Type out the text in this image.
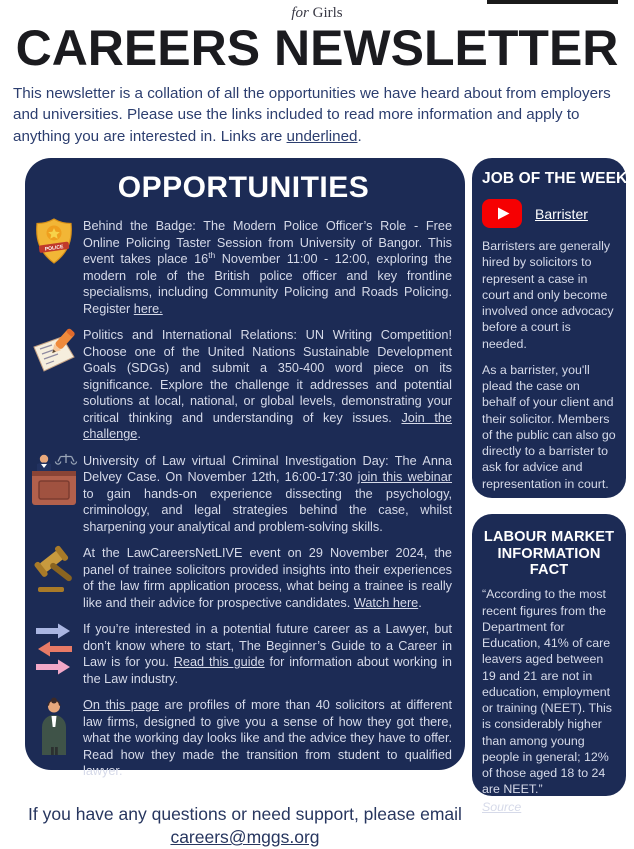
for Girls
CAREERS NEWSLETTER

This newsletter is a collation of all the opportunities we have heard about from employers and universities. Please use the links included to read more information and apply to anything you are interested in. Links are underlined.

OPPORTUNITIES
POLICE

Behind the Badge: The Modern Police Officer’s Role - Free Online Policing Taster Session from University of Bangor. This event takes place 16th November 11:00 - 12:00, exploring the modern role of the British police officer and key frontline specialisms, including Community Policing and Roads Policing. Register here.

Politics and International Relations: UN Writing Competition! Choose one of the United Nations Sustainable Development Goals (SDGs) and submit a 350-400 word piece on its significance. Explore the challenge it addresses and potential solutions at local, national, or global levels, demonstrating your critical thinking and understanding of key issues. Join the challenge.

University of Law virtual Criminal Investigation Day: The Anna Delvey Case. On November 12th, 16:00-17:30 join this webinar to gain hands-on experience dissecting the psychology, criminology, and legal strategies behind the case, whilst sharpening your analytical and problem-solving skills.

At the LawCareersNetLIVE event on 29 November 2024, the panel of trainee solicitors provided insights into their experiences of the law firm application process, what being a trainee is really like and their advice for prospective candidates. Watch here.

If you’re interested in a potential future career as a Lawyer, but don’t know where to start, The Beginner’s Guide to a Career in Law is for you. Read this guide for information about working in the Law industry.

On this page are profiles of more than 40 solicitors at different law firms, designed to give you a sense of how they got there, what the working day looks like and the advice they have to offer. Read how they made the transition from student to qualified lawyer.

JOB OF THE WEEK
Barrister

Barristers are generally hired by solicitors to represent a case in court and only become involved once advocacy before a court is needed.

As a barrister, you'll plead the case on behalf of your client and their solicitor. Members of the public can also go directly to a barrister to ask for advice and representation in court.

LABOUR MARKET INFORMATION FACT

“According to the most recent figures from the Department for Education, 41% of care leavers aged between 19 and 21 are not in education, employment or training (NEET). This is considerably higher than among young people in general; 12% of those aged 18 to 24 are NEET.”

Source
If you have any questions or need support, please email careers@mggs.org
